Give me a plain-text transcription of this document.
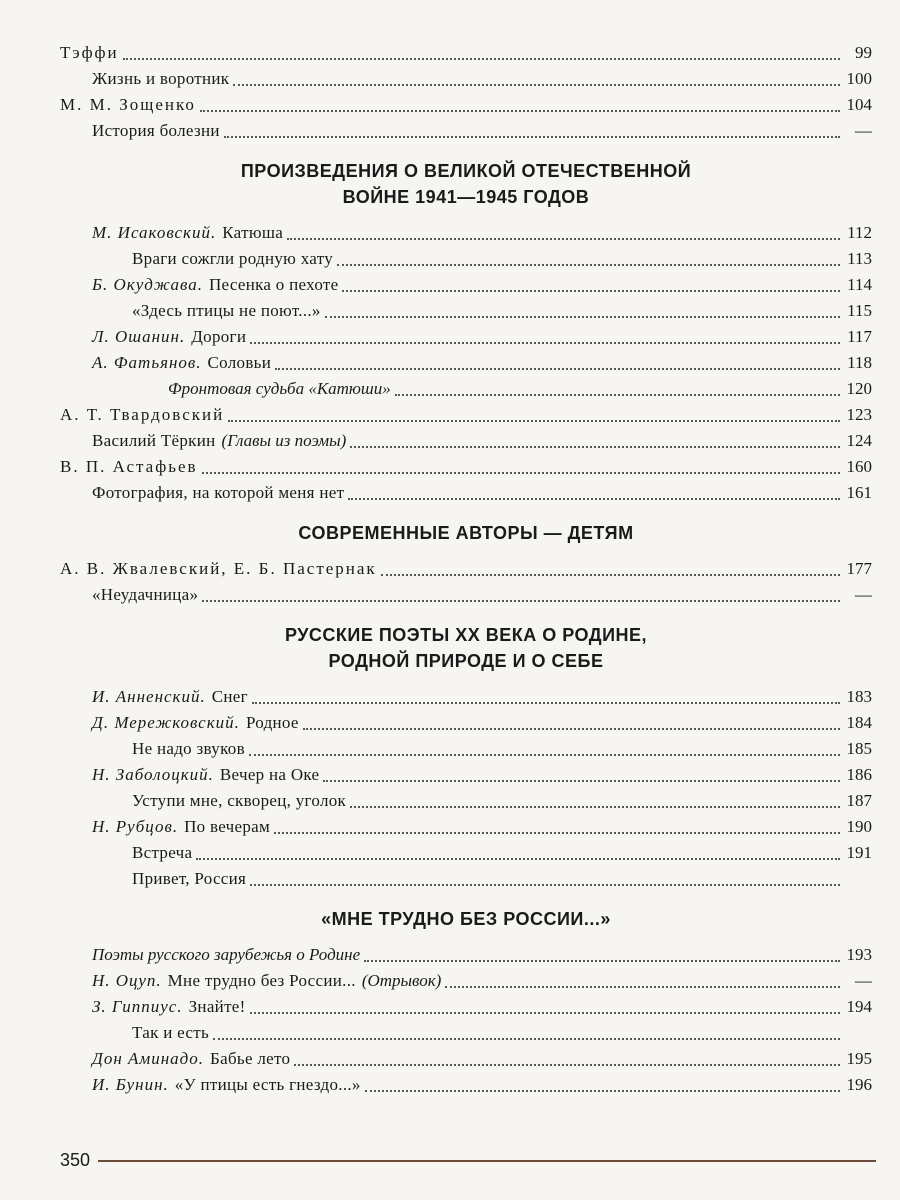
Тэффи	99
Жизнь и воротник	100
М. М. Зощенко	104
История болезни	—
ПРОИЗВЕДЕНИЯ О ВЕЛИКОЙ ОТЕЧЕСТВЕННОЙ
ВОЙНЕ 1941—1945 ГОДОВ
М. Исаковский. Катюша	112
Враги сожгли родную хату	113
Б. Окуджава. Песенка о пехоте	114
«Здесь птицы не поют...»	115
Л. Ошанин. Дороги	117
А. Фатьянов. Соловьи	118
Фронтовая судьба «Катюши»	120
А. Т. Твардовский	123
Василий Тёркин (Главы из поэмы)	124
В. П. Астафьев	160
Фотография, на которой меня нет	161
СОВРЕМЕННЫЕ АВТОРЫ — ДЕТЯМ
А. В. Жвалевский, Е. Б. Пастернак	177
«Неудачница»	—
РУССКИЕ ПОЭТЫ XX ВЕКА О РОДИНЕ,
РОДНОЙ ПРИРОДЕ И О СЕБЕ
И. Анненский. Снег	183
Д. Мережковский. Родное	184
Не надо звуков	185
Н. Заболоцкий. Вечер на Оке	186
Уступи мне, скворец, уголок	187
Н. Рубцов. По вечерам	190
Встреча	191
Привет, Россия
«МНЕ ТРУДНО БЕЗ РОССИИ...»
Поэты русского зарубежья о Родине	193
Н. Оцуп. Мне трудно без России... (Отрывок)	—
З. Гиппиус. Знайте!	194
Так и есть
Дон Аминадо. Бабье лето	195
И. Бунин. «У птицы есть гнездо...»	196
350
